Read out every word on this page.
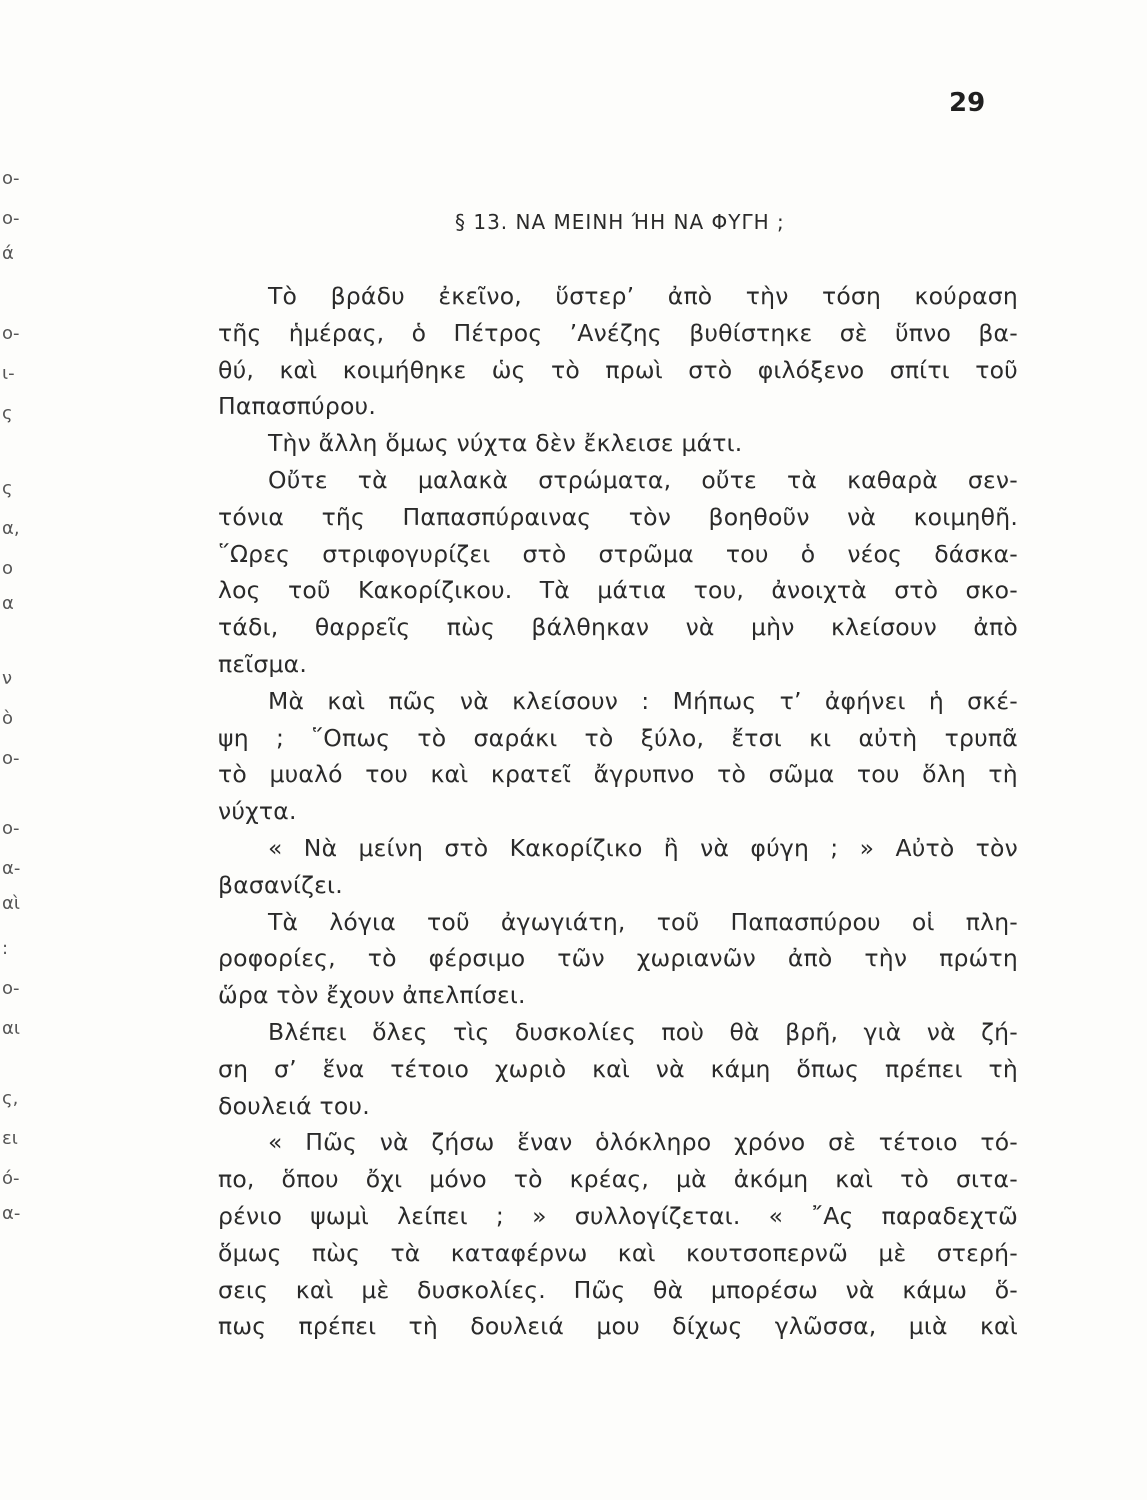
ο-
ο-
ά
ο-
ι-
ς
ς
α,
ο
α
ν
ὸ
ο-
ο-
α-
αὶ
:
ο-
αι
ς,
ει
ό-
α-
29
§ 13. ΝΑ ΜΕΙΝΗ ΉΗ ΝΑ ΦΥΓΗ ;
Τὸ βράδυ ἐκεῖνο, ὕστερ’ ἀπὸ τὴν τόση κούραση
τῆς ἡμέρας, ὁ Πέτρος ’Ανέζης βυθίστηκε σὲ ὕπνο βα-
θύ, καὶ κοιμήθηκε ὡς τὸ πρωὶ στὸ φιλόξενο σπίτι τοῦ
Παπασπύρου.
Τὴν ἄλλη ὅμως νύχτα δὲν ἔκλεισε μάτι.
Οὔτε τὰ μαλακὰ στρώματα, οὔτε τὰ καθαρὰ σεν-
τόνια τῆς Παπασπύραινας τὸν βοηθοῦν νὰ κοιμηθῆ.
῞Ωρες στριφογυρίζει στὸ στρῶμα του ὁ νέος δάσκα-
λος τοῦ Κακορίζικου. Τὰ μάτια του, ἀνοιχτὰ στὸ σκο-
τάδι, θαρρεῖς πὼς βάλθηκαν νὰ μὴν κλείσουν ἀπὸ
πεῖσμα.
Μὰ καὶ πῶς νὰ κλείσουν : Μήπως τ’ ἀφήνει ἡ σκέ-
ψη ; ῞Οπως τὸ σαράκι τὸ ξύλο, ἔτσι κι αὐτὴ τρυπᾶ
τὸ μυαλό του καὶ κρατεῖ ἄγρυπνο τὸ σῶμα του ὅλη τὴ
νύχτα.
« Νὰ μείνη στὸ Κακορίζικο ἢ νὰ φύγη ; » Αὐτὸ τὸν
βασανίζει.
Τὰ λόγια τοῦ ἀγωγιάτη, τοῦ Παπασπύρου οἱ πλη-
ροφορίες, τὸ φέρσιμο τῶν χωριανῶν ἀπὸ τὴν πρώτη
ὥρα τὸν ἔχουν ἀπελπίσει.
Βλέπει ὅλες τὶς δυσκολίες ποὺ θὰ βρῆ, γιὰ νὰ ζή-
ση σ’ ἕνα τέτοιο χωριὸ καὶ νὰ κάμη ὅπως πρέπει τὴ
δουλειά του.
« Πῶς νὰ ζήσω ἕναν ὁλόκληρο χρόνο σὲ τέτοιο τό-
πο, ὅπου ὄχι μόνο τὸ κρέας, μὰ ἀκόμη καὶ τὸ σιτα-
ρένιο ψωμὶ λείπει ; » συλλογίζεται. « ῎Ας παραδεχτῶ
ὅμως πὼς τὰ καταφέρνω καὶ κουτσοπερνῶ μὲ στερή-
σεις καὶ μὲ δυσκολίες. Πῶς θὰ μπορέσω νὰ κάμω ὅ-
πως πρέπει τὴ δουλειά μου δίχως γλῶσσα, μιὰ καὶ
